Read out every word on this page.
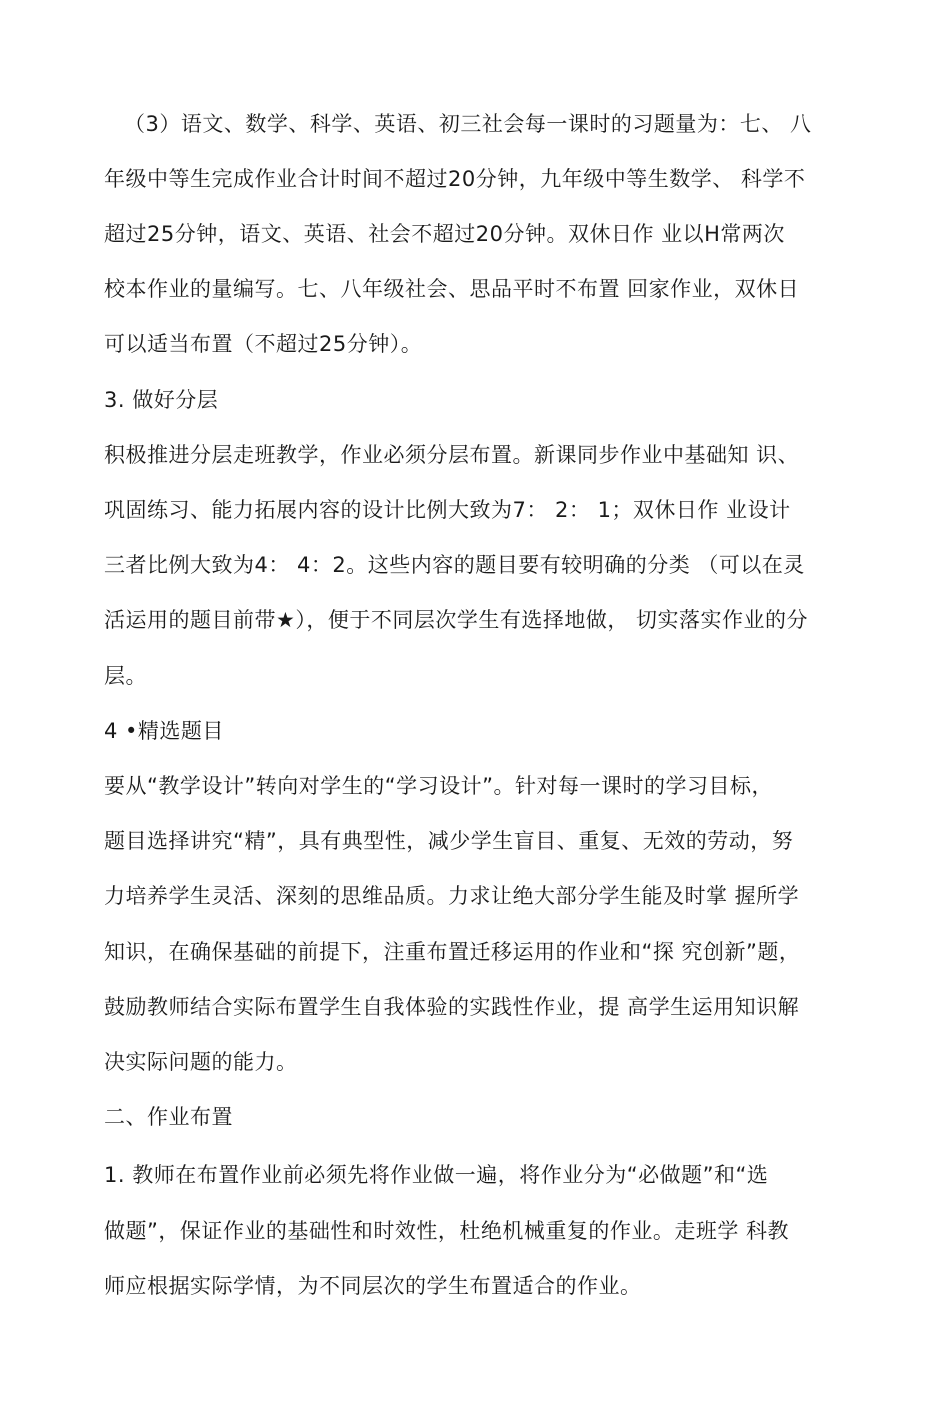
（3）语文、数学、科学、英语、初三社会每一课时的习题量为：七、 八
年级中等生完成作业合计时间不超过20分钟，九年级中等生数学、 科学不
超过25分钟，语文、英语、社会不超过20分钟。双休日作 业以H常两次
校本作业的量编写。七、八年级社会、思品平时不布置 回家作业，双休日
可以适当布置（不超过25分钟）。
3. 做好分层
积极推进分层走班教学，作业必须分层布置。新课同步作业中基础知 识、
巩固练习、能力拓展内容的设计比例大致为7： 2： 1；双休日作 业设计
三者比例大致为4： 4：2。这些内容的题目要有较明确的分类 （可以在灵
活运用的题目前带★），便于不同层次学生有选择地做， 切实落实作业的分
层。
4 •精选题目
要从“教学设计”转向对学生的“学习设计”。针对每一课时的学习目标，
题目选择讲究“精”，具有典型性，减少学生盲目、重复、无效的劳动，努
力培养学生灵活、深刻的思维品质。力求让绝大部分学生能及时掌 握所学
知识，在确保基础的前提下，注重布置迁移运用的作业和“探 究创新”题，
鼓励教师结合实际布置学生自我体验的实践性作业，提 高学生运用知识解
决实际问题的能力。
二、作业布置
1. 教师在布置作业前必须先将作业做一遍，将作业分为“必做题”和“选
做题”，保证作业的基础性和时效性，杜绝机械重复的作业。走班学 科教
师应根据实际学情，为不同层次的学生布置适合的作业。
